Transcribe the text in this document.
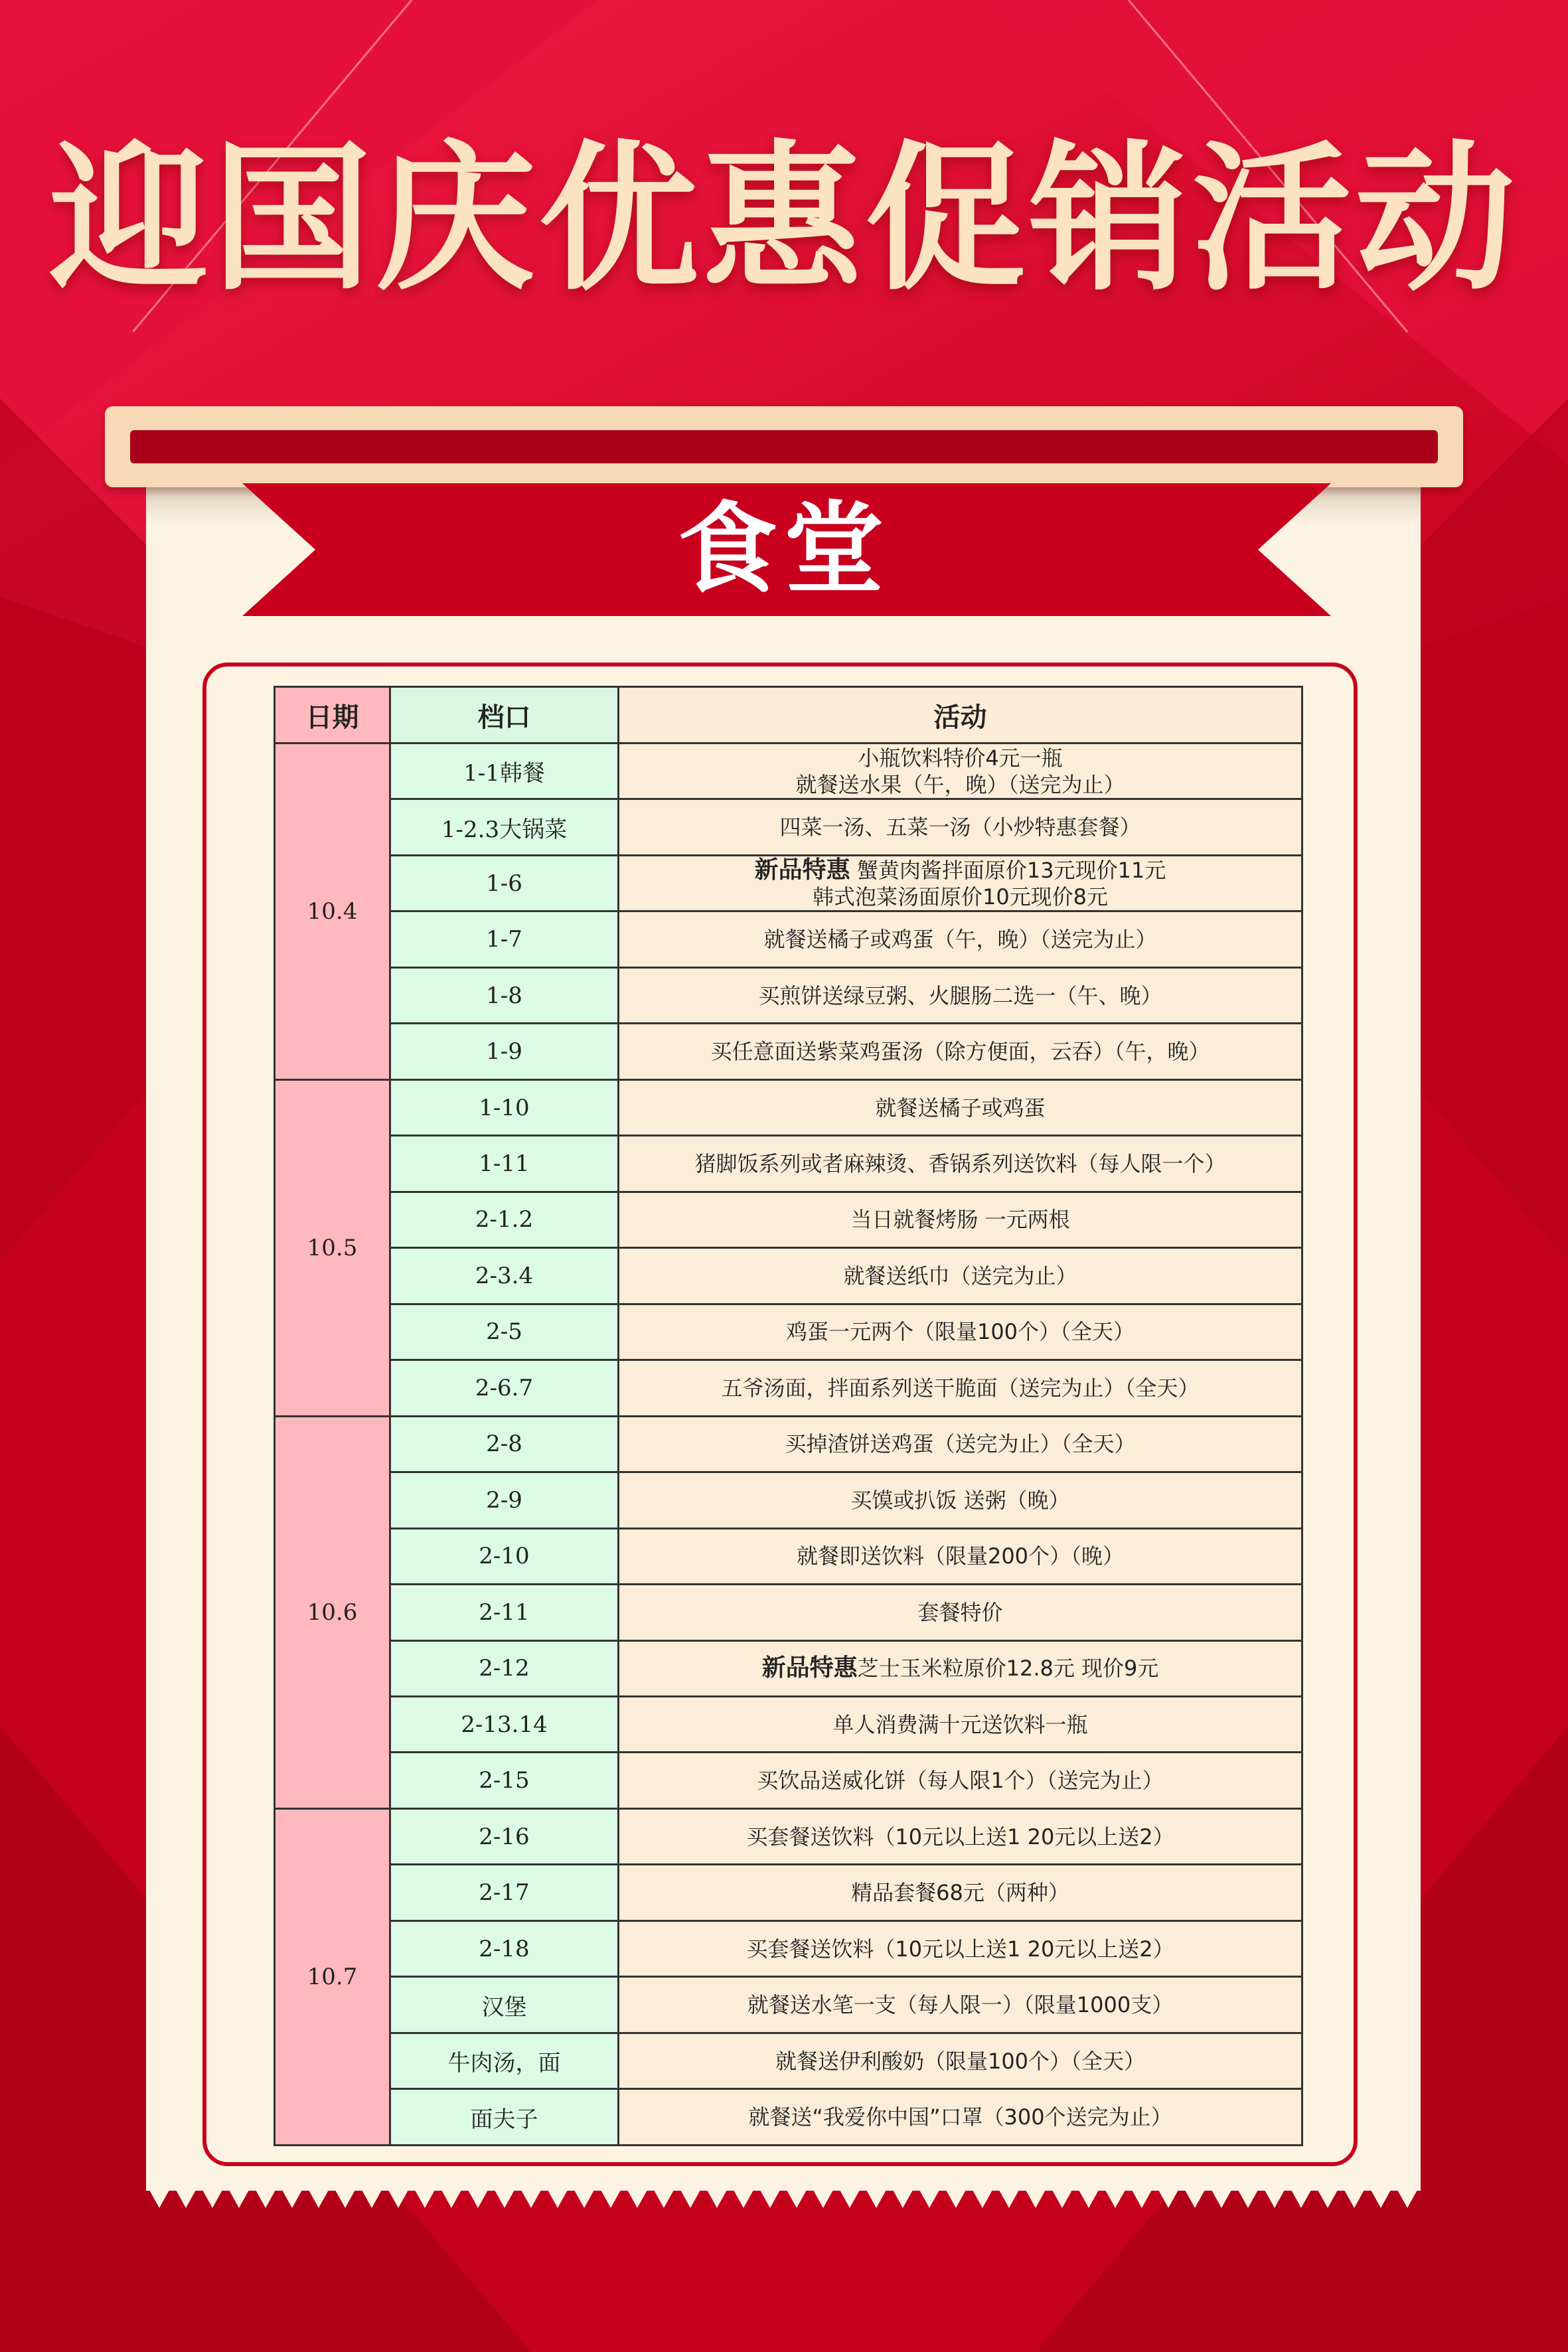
迎国庆优惠促销活动
食堂
日期	档口	活动
10.4	1-1韩餐	小瓶饮料特价4元一瓶
就餐送水果（午，晚）（送完为止）

	1-2.3大锅菜	四菜一汤、五菜一汤（小炒特惠套餐）

	1-6	新品特惠 蟹黄肉酱拌面原价13元现价11元
韩式泡菜汤面原价10元现价8元

	1-7	就餐送橘子或鸡蛋（午，晚）（送完为止）

	1-8	买煎饼送绿豆粥、火腿肠二选一（午、晚）

	1-9	买任意面送紫菜鸡蛋汤（除方便面，云吞）（午，晚）

10.5	1-10	就餐送橘子或鸡蛋

	1-11	猪脚饭系列或者麻辣烫、香锅系列送饮料（每人限一个）

	2-1.2	当日就餐烤肠 一元两根

	2-3.4	就餐送纸巾（送完为止）

	2-5	鸡蛋一元两个（限量100个）（全天）

	2-6.7	五爷汤面，拌面系列送干脆面（送完为止）（全天）

10.6	2-8	买掉渣饼送鸡蛋（送完为止）（全天）

	2-9	买馍或扒饭 送粥（晚）

	2-10	就餐即送饮料（限量200个）（晚）

	2-11	套餐特价

	2-12	新品特惠芝士玉米粒原价12.8元 现价9元

	2-13.14	单人消费满十元送饮料一瓶

	2-15	买饮品送威化饼（每人限1个）（送完为止）

10.7	2-16	买套餐送饮料（10元以上送1 20元以上送2）

	2-17	精品套餐68元（两种）

	2-18	买套餐送饮料（10元以上送1 20元以上送2）

	汉堡	就餐送水笔一支（每人限一）（限量1000支）

	牛肉汤，面	就餐送伊利酸奶（限量100个）（全天）

	面夫子	就餐送“我爱你中国”口罩（300个送完为止）
